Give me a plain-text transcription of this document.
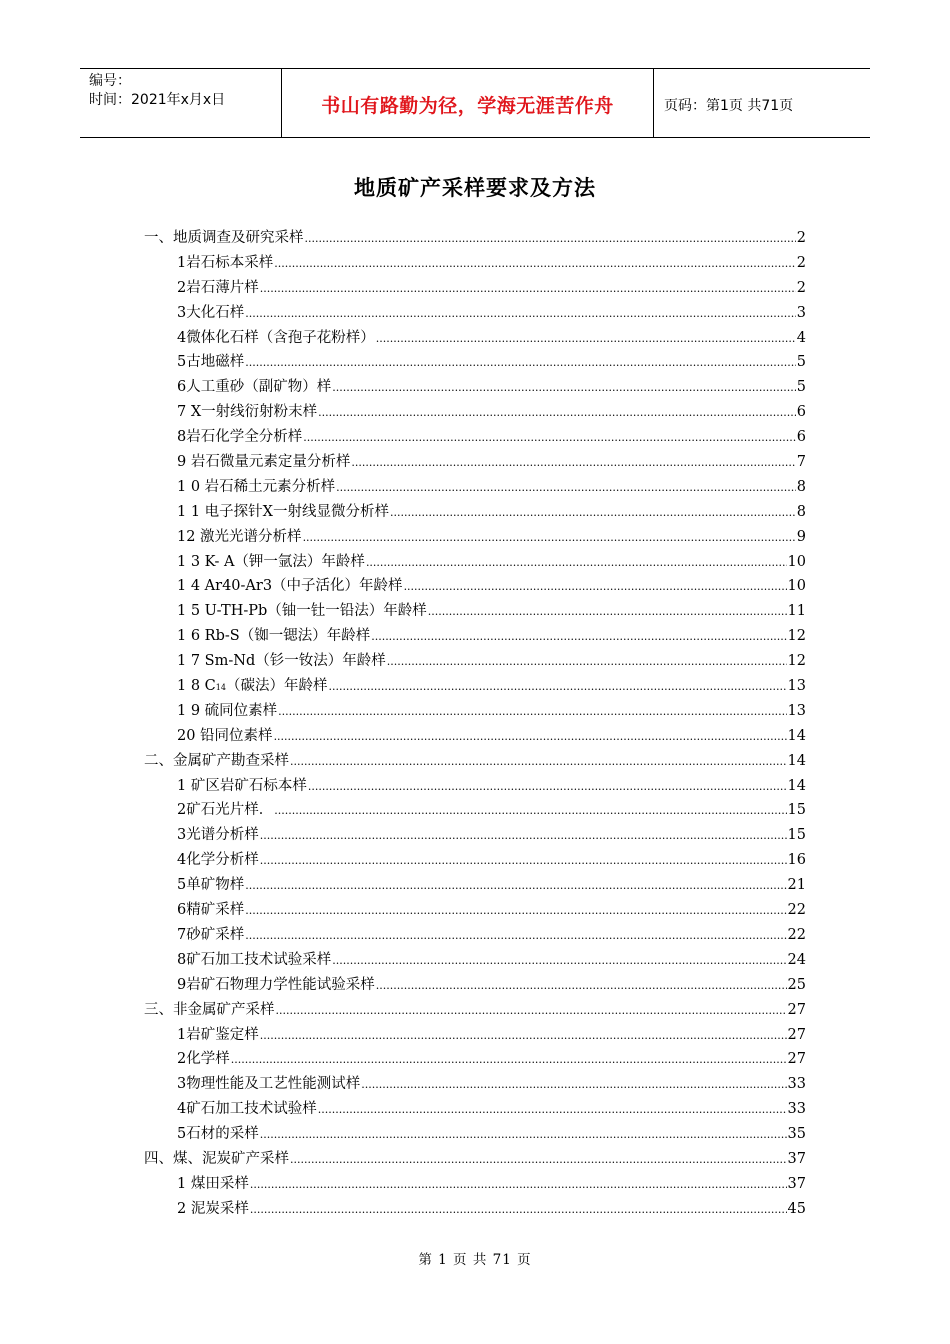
编号：
时间：2021年x月x日	书山有路勤为径，学海无涯苦作舟	页码：第1页 共71页
地质矿产采样要求及方法
一、地质调查及研究采样 .....	2
1岩石标本采样 .....	2
2岩石薄片样 .....	2
3大化石样 .....	3
4微体化石样（含孢子花粉样） .....	4
5古地磁样 .....	5
6人工重砂（副矿物）样 .....	5
7 X一射线衍射粉末样 .....	6
8岩石化学全分析样 .....	6
9 岩石微量元素定量分析样 .....	7
1 0 岩石稀土元素分析样 .....	8
1 1 电子探针X一射线显微分析样 .....	8
12 激光光谱分析样 .....	9
1 3 K- A（钾一氩法）年龄样 .....	10
1 4 Ar40-Ar3（中子活化）年龄样 .....	10
1 5 U-TH-Pb（铀一钍一铅法）年龄样 .....	11
1 6 Rb-S（铷一锶法）年龄样 .....	12
1 7 Sm-Nd（钐一钕法）年龄样 .....	12
1 8 C 14 （碳法）年龄样 .....	13
1 9 硫同位素样 .....	13
20 铅同位素样 .....	14
二、金属矿产勘查采样 .....	14
1 矿区岩矿石标本样 .....	14
2矿石光片样． .....	15
3光谱分析样 .....	15
4化学分析样 .....	16
5单矿物样 .....	21
6精矿采样 .....	22
7砂矿采样 .....	22
8矿石加工技术试验采样 .....	24
9岩矿石物理力学性能试验采样 .....	25
三、非金属矿产采样 .....	27
1岩矿鉴定样 .....	27
2化学样 .....	27
3物理性能及工艺性能测试样 .....	33
4矿石加工技术试验样 .....	33
5石材的采样 .....	35
四、煤、泥炭矿产采样 .....	37
1 煤田采样 .....	37
2 泥炭采样 .....	45
第 1 页 共 71 页
